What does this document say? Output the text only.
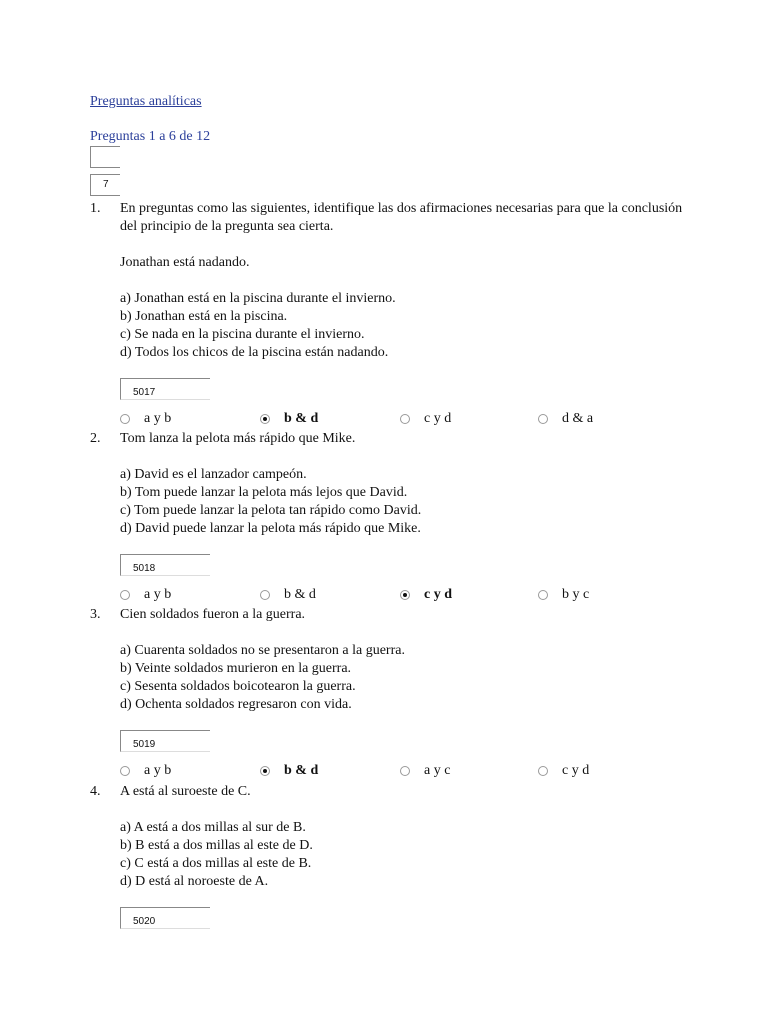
Preguntas analíticas
Preguntas 1 a 6 de 12
7
1. En preguntas como las siguientes, identifique las dos afirmaciones necesarias para que la conclusión del principio de la pregunta sea cierta.

Jonathan está nadando.

a) Jonathan está en la piscina durante el invierno.

b) Jonathan está en la piscina.

c) Se nada en la piscina durante el invierno.

d) Todos los chicos de la piscina están nadando.

5017
a y b	b & d	c y d	d & a
2. Tom lanza la pelota más rápido que Mike.

a) David es el lanzador campeón.

b) Tom puede lanzar la pelota más lejos que David.

c) Tom puede lanzar la pelota tan rápido como David.

d) David puede lanzar la pelota más rápido que Mike.

5018
a y b	b & d	c y d	b y c
3. Cien soldados fueron a la guerra.

a) Cuarenta soldados no se presentaron a la guerra.

b) Veinte soldados murieron en la guerra.

c) Sesenta soldados boicotearon la guerra.

d) Ochenta soldados regresaron con vida.

5019
a y b	b & d	a y c	c y d
4. A está al suroeste de C.

a) A está a dos millas al sur de B.

b) B está a dos millas al este de D.

c) C está a dos millas al este de B.

d) D está al noroeste de A.

5020
